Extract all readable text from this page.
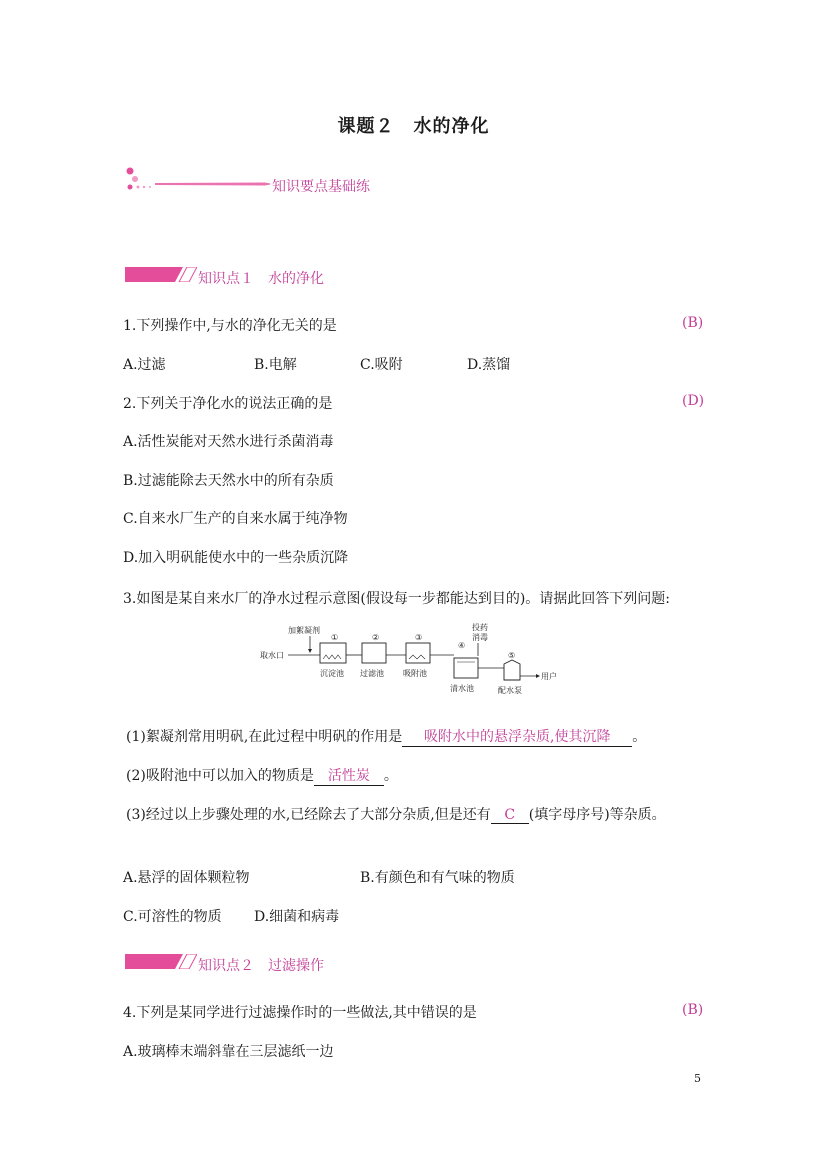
课题２　水的净化
知识要点基础练
知识点１　水的净化
1.下列操作中,与水的净化无关的是	(B)
A.过滤	B.电解	C.吸附	D.蒸馏
2.下列关于净化水的说法正确的是	(D)
A.活性炭能对天然水进行杀菌消毒
B.过滤能除去天然水中的所有杂质
C.自来水厂生产的自来水属于纯净物
D.加入明矾能使水中的一些杂质沉降
3.如图是某自来水厂的净水过程示意图(假设每一步都能达到目的)。请据此回答下列问题:
取水口
加絮凝剂
①
沉淀池
②
过滤池
③
吸附池
投药
消毒
④
清水池
⑤
配水泵
用户
(1)絮凝剂常用明矾,在此过程中明矾的作用是 吸附水中的悬浮杂质,使其沉降 。
(2)吸附池中可以加入的物质是 活性炭 。
(3)经过以上步骤处理的水,已经除去了大部分杂质,但是还有 C (填字母序号)等杂质。
A.悬浮的固体颗粒物	B.有颜色和有气味的物质
C.可溶性的物质 D.细菌和病毒
知识点２　过滤操作
4.下列是某同学进行过滤操作时的一些做法,其中错误的是	(B)
A.玻璃棒末端斜靠在三层滤纸一边
5
